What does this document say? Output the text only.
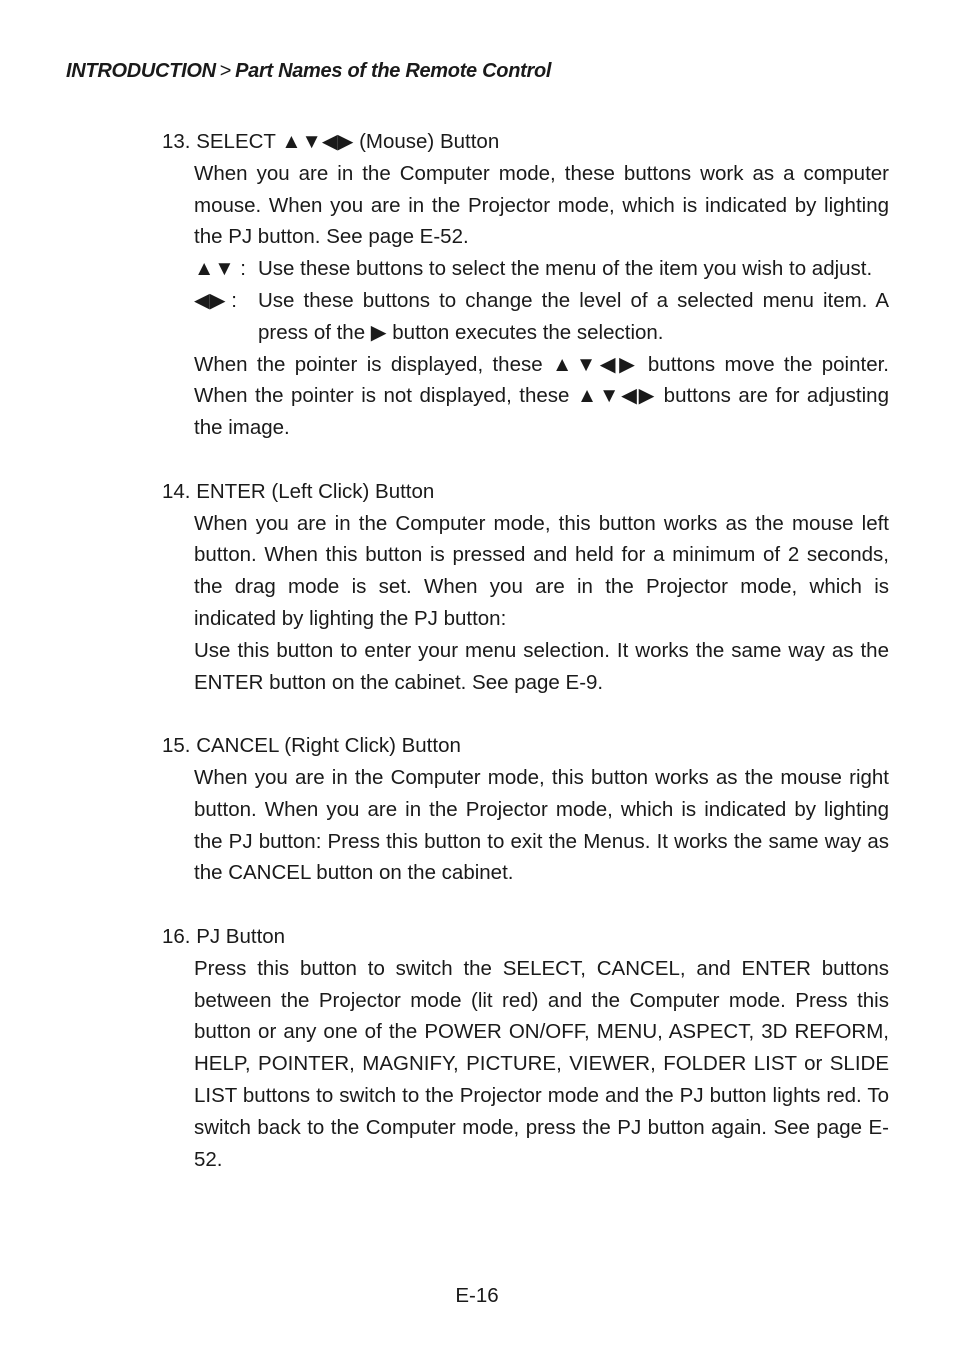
INTRODUCTION > Part Names of the Remote Control
13. SELECT ▲▼◀▶ (Mouse) Button

When you are in the Computer mode, these buttons work as a computer mouse. When you are in the Projector mode, which is indicated by lighting the PJ button. See page E-52.

▲▼ : Use these buttons to select the menu of the item you wish to adjust.
◀▶ :	Use these buttons to change the level of a selected menu item. A press of the ▶ button executes the selection.

When the pointer is displayed, these ▲▼◀▶ buttons move the pointer. When the pointer is not displayed, these ▲▼◀▶ buttons are for adjusting the image.

14. ENTER (Left Click) Button

When you are in the Computer mode, this button works as the mouse left button. When this button is pressed and held for a minimum of 2 seconds, the drag mode is set. When you are in the Projector mode, which is indicated by lighting the PJ button:

Use this button to enter your menu selection. It works the same way as the ENTER button on the cabinet. See page E-9.

15. CANCEL (Right Click) Button

When you are in the Computer mode, this button works as the mouse right button. When you are in the Projector mode, which is indicated by lighting the PJ button: Press this button to exit the Menus. It works the same way as the CANCEL button on the cabinet.

16. PJ Button

Press this button to switch the SELECT, CANCEL, and ENTER buttons between the Projector mode (lit red) and the Computer mode. Press this button or any one of the POWER ON/OFF, MENU, ASPECT, 3D REFORM, HELP, POINTER, MAGNIFY, PICTURE, VIEWER, FOLDER LIST or SLIDE LIST buttons to switch to the Projector mode and the PJ button lights red. To switch back to the Computer mode, press the PJ button again. See page E-52.

E-16
